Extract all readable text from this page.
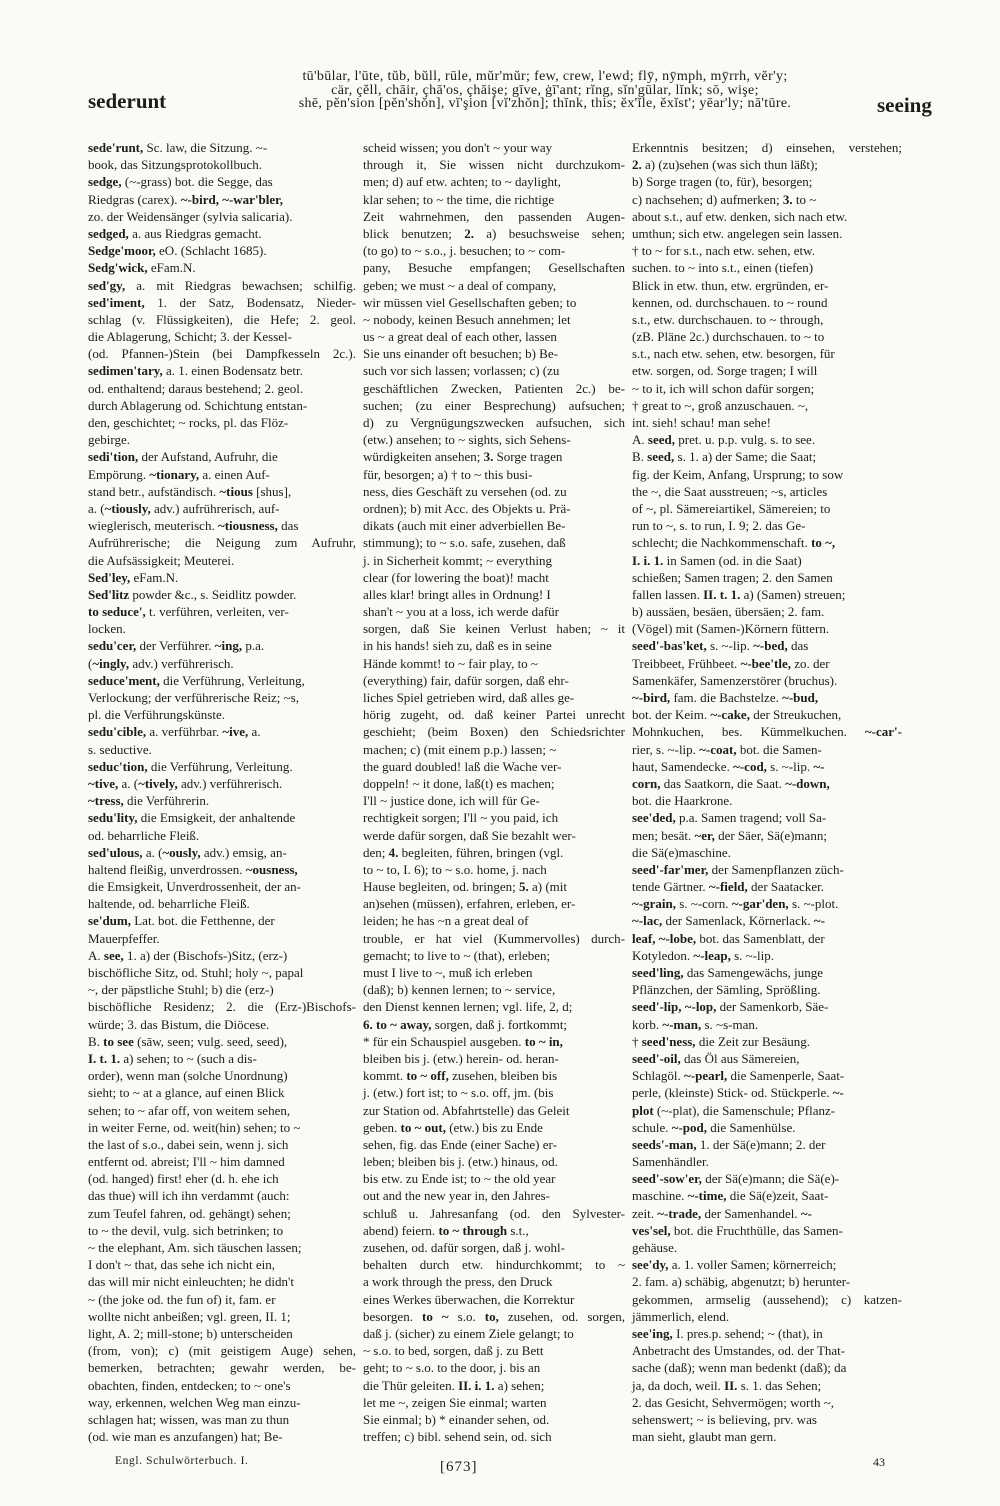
sederunt
tū'būlar, l'ūte, tŭb, bŭll, rūle, mŭr'mŭr; few, crew, l'ewd; flȳ, nȳmph, mȳrrh, vĕr'y;
cär, çĕll, chāir, çhā'os, çhāişe; gīve, ġī'ant; rĭng, sĭn'gūlar, lĭnk; sō, wişe;
shē, pĕn'sion [pĕn'shŏn], vĭ'şion [vĭ'zhŏn]; thĭnk, this; ĕx'ĭle, ĕxĭst'; yēar'ly; nā'tūre.	seeing
sede'runt, Sc. law, die Sitzung. ~-
book, das Sitzungsprotokollbuch.
sedge, (~-grass) bot. die Segge, das
Riedgras (carex). ~-bird, ~-war'bler,
zo. der Weidensänger (sylvia salicaria).
sedged, a. aus Riedgras gemacht.
Sedge'moor, eO. (Schlacht 1685).
Sedg'wick, eFam.N.
sed'gy, a. mit Riedgras bewachsen; schilfig.
sed'iment, 1. der Satz, Bodensatz, Nieder-
schlag (v. Flüssigkeiten), die Hefe; 2. geol.
die Ablagerung, Schicht; 3. der Kessel-
(od. Pfannen-)Stein (bei Dampfkesseln 2c.).
sedimen'tary, a. 1. einen Bodensatz betr.
od. enthaltend; daraus bestehend; 2. geol.
durch Ablagerung od. Schichtung entstan-
den, geschichtet; ~ rocks, pl. das Flöz-
gebirge.
sedi'tion, der Aufstand, Aufruhr, die
Empörung. ~tionary, a. einen Auf-
stand betr., aufständisch. ~tious [shus],
a. (~tiously, adv.) aufrührerisch, auf-
wieglerisch, meuterisch. ~tiousness, das
Aufrührerische; die Neigung zum Aufruhr,
die Aufsässigkeit; Meuterei.
Sed'ley, eFam.N.
Sed'litz powder &c., s. Seidlitz powder.
to seduce', t. verführen, verleiten, ver-
locken.
sedu'cer, der Verführer. ~ing, p.a.
(~ingly, adv.) verführerisch.
seduce'ment, die Verführung, Verleitung,
Verlockung; der verführerische Reiz; ~s,
pl. die Verführungskünste.
sedu'cible, a. verführbar. ~ive, a.
s. seductive.
seduc'tion, die Verführung, Verleitung.
~tive, a. (~tively, adv.) verführerisch.
~tress, die Verführerin.
sedu'lity, die Emsigkeit, der anhaltende
od. beharrliche Fleiß.
sed'ulous, a. (~ously, adv.) emsig, an-
haltend fleißig, unverdrossen. ~ousness,
die Emsigkeit, Unverdrossenheit, der an-
haltende, od. beharrliche Fleiß.
se'dum, Lat. bot. die Fetthenne, der
Mauerpfeffer.
A. see, 1. a) der (Bischofs-)Sitz, (erz-)
bischöfliche Sitz, od. Stuhl; holy ~, papal
~, der päpstliche Stuhl; b) die (erz-)
bischöfliche Residenz; 2. die (Erz-)Bischofs-
würde; 3. das Bistum, die Diöcese.
B. to see (sāw, seen; vulg. seed, seed),
I. t. 1. a) sehen; to ~ (such a dis-
order), wenn man (solche Unordnung)
sieht; to ~ at a glance, auf einen Blick
sehen; to ~ afar off, von weitem sehen,
in weiter Ferne, od. weit(hin) sehen; to ~
the last of s.o., dabei sein, wenn j. sich
entfernt od. abreist; I'll ~ him damned
(od. hanged) first! eher (d. h. ehe ich
das thue) will ich ihn verdammt (auch:
zum Teufel fahren, od. gehängt) sehen;
to ~ the devil, vulg. sich betrinken; to
~ the elephant, Am. sich täuschen lassen;
I don't ~ that, das sehe ich nicht ein,
das will mir nicht einleuchten; he didn't
~ (the joke od. the fun of) it, fam. er
wollte nicht anbeißen; vgl. green, II. 1;
light, A. 2; mill-stone; b) unterscheiden
(from, von); c) (mit geistigem Auge) sehen,
bemerken, betrachten; gewahr werden, be-
obachten, finden, entdecken; to ~ one's
way, erkennen, welchen Weg man einzu-
schlagen hat; wissen, was man zu thun
(od. wie man es anzufangen) hat; Be-
scheid wissen; you don't ~ your way
through it, Sie wissen nicht durchzukom-
men; d) auf etw. achten; to ~ daylight,
klar sehen; to ~ the time, die richtige
Zeit wahrnehmen, den passenden Augen-
blick benutzen; 2. a) besuchsweise sehen;
(to go) to ~ s.o., j. besuchen; to ~ com-
pany, Besuche empfangen; Gesellschaften
geben; we must ~ a deal of company,
wir müssen viel Gesellschaften geben; to
~ nobody, keinen Besuch annehmen; let
us ~ a great deal of each other, lassen
Sie uns einander oft besuchen; b) Be-
such vor sich lassen; vorlassen; c) (zu
geschäftlichen Zwecken, Patienten 2c.) be-
suchen; (zu einer Besprechung) aufsuchen;
d) zu Vergnügungszwecken aufsuchen, sich
(etw.) ansehen; to ~ sights, sich Sehens-
würdigkeiten ansehen; 3. Sorge tragen
für, besorgen; a) † to ~ this busi-
ness, dies Geschäft zu versehen (od. zu
ordnen); b) mit Acc. des Objekts u. Prä-
dikats (auch mit einer adverbiellen Be-
stimmung); to ~ s.o. safe, zusehen, daß
j. in Sicherheit kommt; ~ everything
clear (for lowering the boat)! macht
alles klar! bringt alles in Ordnung! I
shan't ~ you at a loss, ich werde dafür
sorgen, daß Sie keinen Verlust haben; ~ it
in his hands! sieh zu, daß es in seine
Hände kommt! to ~ fair play, to ~
(everything) fair, dafür sorgen, daß ehr-
liches Spiel getrieben wird, daß alles ge-
hörig zugeht, od. daß keiner Partei unrecht
geschieht; (beim Boxen) den Schiedsrichter
machen; c) (mit einem p.p.) lassen; ~
the guard doubled! laß die Wache ver-
doppeln! ~ it done, laß(t) es machen;
I'll ~ justice done, ich will für Ge-
rechtigkeit sorgen; I'll ~ you paid, ich
werde dafür sorgen, daß Sie bezahlt wer-
den; 4. begleiten, führen, bringen (vgl.
to ~ to, I. 6); to ~ s.o. home, j. nach
Hause begleiten, od. bringen; 5. a) (mit
an)sehen (müssen), erfahren, erleben, er-
leiden; he has ~n a great deal of
trouble, er hat viel (Kummervolles) durch-
gemacht; to live to ~ (that), erleben;
must I live to ~, muß ich erleben
(daß); b) kennen lernen; to ~ service,
den Dienst kennen lernen; vgl. life, 2, d;
6. to ~ away, sorgen, daß j. fortkommt;
* für ein Schauspiel ausgeben. to ~ in,
bleiben bis j. (etw.) herein- od. heran-
kommt. to ~ off, zusehen, bleiben bis
j. (etw.) fort ist; to ~ s.o. off, jm. (bis
zur Station od. Abfahrtstelle) das Geleit
geben. to ~ out, (etw.) bis zu Ende
sehen, fig. das Ende (einer Sache) er-
leben; bleiben bis j. (etw.) hinaus, od.
bis etw. zu Ende ist; to ~ the old year
out and the new year in, den Jahres-
schluß u. Jahresanfang (od. den Sylvester-
abend) feiern. to ~ through s.t.,
zusehen, od. dafür sorgen, daß j. wohl-
behalten durch etw. hindurchkommt; to ~
a work through the press, den Druck
eines Werkes überwachen, die Korrektur
besorgen. to ~ s.o. to, zusehen, od. sorgen,
daß j. (sicher) zu einem Ziele gelangt; to
~ s.o. to bed, sorgen, daß j. zu Bett
geht; to ~ s.o. to the door, j. bis an
die Thür geleiten. II. i. 1. a) sehen;
let me ~, zeigen Sie einmal; warten
Sie einmal; b) * einander sehen, od.
treffen; c) bibl. sehend sein, od. sich
Erkenntnis besitzen; d) einsehen, verstehen;
2. a) (zu)sehen (was sich thun läßt);
b) Sorge tragen (to, für), besorgen;
c) nachsehen; d) aufmerken; 3. to ~
about s.t., auf etw. denken, sich nach etw.
umthun; sich etw. angelegen sein lassen.
† to ~ for s.t., nach etw. sehen, etw.
suchen. to ~ into s.t., einen (tiefen)
Blick in etw. thun, etw. ergründen, er-
kennen, od. durchschauen. to ~ round
s.t., etw. durchschauen. to ~ through,
(zB. Pläne 2c.) durchschauen. to ~ to
s.t., nach etw. sehen, etw. besorgen, für
etw. sorgen, od. Sorge tragen; I will
~ to it, ich will schon dafür sorgen;
† great to ~, groß anzuschauen. ~,
int. sieh! schau! man sehe!
A. seed, pret. u. p.p. vulg. s. to see.
B. seed, s. 1. a) der Same; die Saat;
fig. der Keim, Anfang, Ursprung; to sow
the ~, die Saat ausstreuen; ~s, articles
of ~, pl. Sämereiartikel, Sämereien; to
run to ~, s. to run, I. 9; 2. das Ge-
schlecht; die Nachkommenschaft. to ~,
I. i. 1. in Samen (od. in die Saat)
schießen; Samen tragen; 2. den Samen
fallen lassen. II. t. 1. a) (Samen) streuen;
b) aussäen, besäen, übersäen; 2. fam.
(Vögel) mit (Samen-)Körnern füttern.
seed'-bas'ket, s. ~-lip. ~-bed, das
Treibbeet, Frühbeet. ~-bee'tle, zo. der
Samenkäfer, Samenzerstörer (bruchus).
~-bird, fam. die Bachstelze. ~-bud,
bot. der Keim. ~-cake, der Streukuchen,
Mohnkuchen, bes. Kümmelkuchen. ~-car'-
rier, s. ~-lip. ~-coat, bot. die Samen-
haut, Samendecke. ~-cod, s. ~-lip. ~-
corn, das Saatkorn, die Saat. ~-down,
bot. die Haarkrone.
see'ded, p.a. Samen tragend; voll Sa-
men; besät. ~er, der Säer, Sä(e)mann;
die Sä(e)maschine.
seed'-far'mer, der Samenpflanzen züch-
tende Gärtner. ~-field, der Saatacker.
~-grain, s. ~-corn. ~-gar'den, s. ~-plot.
~-lac, der Samenlack, Körnerlack. ~-
leaf, ~-lobe, bot. das Samenblatt, der
Kotyledon. ~-leap, s. ~-lip.
seed'ling, das Samengewächs, junge
Pflänzchen, der Sämling, Sprößling.
seed'-lip, ~-lop, der Samenkorb, Säe-
korb. ~-man, s. ~s-man.
† seed'ness, die Zeit zur Besäung.
seed'-oil, das Öl aus Sämereien,
Schlagöl. ~-pearl, die Samenperle, Saat-
perle, (kleinste) Stick- od. Stückperle. ~-
plot (~-plat), die Samenschule; Pflanz-
schule. ~-pod, die Samenhülse.
seeds'-man, 1. der Sä(e)mann; 2. der
Samenhändler.
seed'-sow'er, der Sä(e)mann; die Sä(e)-
maschine. ~-time, die Sä(e)zeit, Saat-
zeit. ~-trade, der Samenhandel. ~-
ves'sel, bot. die Fruchthülle, das Samen-
gehäuse.
see'dy, a. 1. voller Samen; körnerreich;
2. fam. a) schäbig, abgenutzt; b) herunter-
gekommen, armselig (aussehend); c) katzen-
jämmerlich, elend.
see'ing, I. pres.p. sehend; ~ (that), in
Anbetracht des Umstandes, od. der That-
sache (daß); wenn man bedenkt (daß); da
ja, da doch, weil. II. s. 1. das Sehen;
2. das Gesicht, Sehvermögen; worth ~,
sehenswert; ~ is believing, prv. was
man sieht, glaubt man gern.
Engl. Schulwörterbuch. I.	[673]	43
